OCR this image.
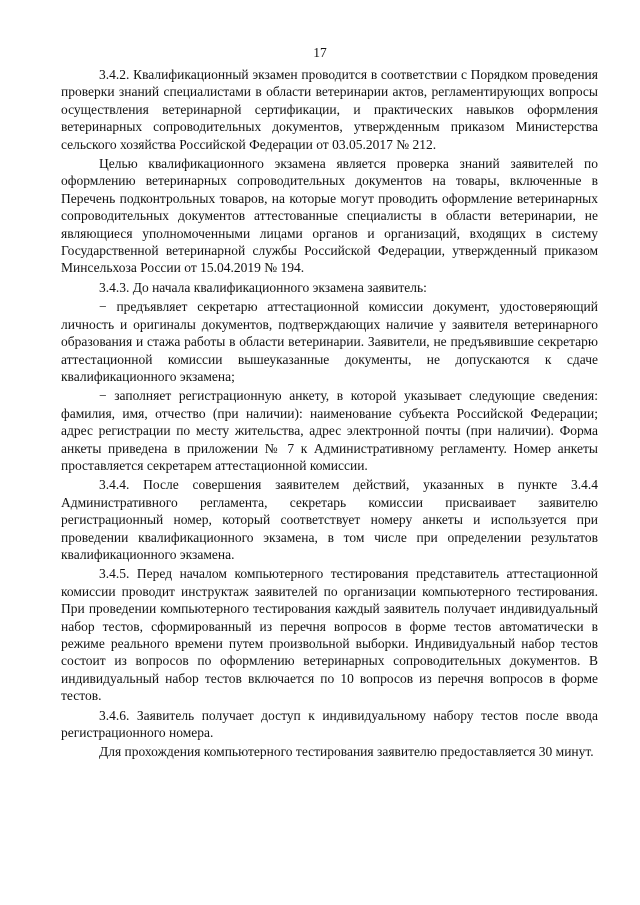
17

3.4.2. Квалификационный экзамен проводится в соответствии с Порядком проведения проверки знаний специалистами в области ветеринарии актов, регламентирующих вопросы осуществления ветеринарной сертификации, и практических навыков оформления ветеринарных сопроводительных документов, утвержденным приказом Министерства сельского хозяйства Российской Федерации от 03.05.2017 № 212.

Целью квалификационного экзамена является проверка знаний заявителей по оформлению ветеринарных сопроводительных документов на товары, включенные в Перечень подконтрольных товаров, на которые могут проводить оформление ветеринарных сопроводительных документов аттестованные специалисты в области ветеринарии, не являющиеся уполномоченными лицами органов и организаций, входящих в систему Государственной ветеринарной службы Российской Федерации, утвержденный приказом Минсельхоза России от 15.04.2019 № 194.

3.4.3. До начала квалификационного экзамена заявитель:

− предъявляет секретарю аттестационной комиссии документ, удостоверяющий личность и оригиналы документов, подтверждающих наличие у заявителя ветеринарного образования и стажа работы в области ветеринарии. Заявители, не предъявившие секретарю аттестационной комиссии вышеуказанные документы, не допускаются к сдаче квалификационного экзамена;

− заполняет регистрационную анкету, в которой указывает следующие сведения: фамилия, имя, отчество (при наличии): наименование субъекта Российской Федерации; адрес регистрации по месту жительства, адрес электронной почты (при наличии). Форма анкеты приведена в приложении № 7 к Административному регламенту. Номер анкеты проставляется секретарем аттестационной комиссии.

3.4.4. После совершения заявителем действий, указанных в пункте 3.4.4 Административного регламента, секретарь комиссии присваивает заявителю регистрационный номер, который соответствует номеру анкеты и используется при проведении квалификационного экзамена, в том числе при определении результатов квалификационного экзамена.

3.4.5. Перед началом компьютерного тестирования представитель аттестационной комиссии проводит инструктаж заявителей по организации компьютерного тестирования. При проведении компьютерного тестирования каждый заявитель получает индивидуальный набор тестов, сформированный из перечня вопросов в форме тестов автоматически в режиме реального времени путем произвольной выборки. Индивидуальный набор тестов состоит из вопросов по оформлению ветеринарных сопроводительных документов. В индивидуальный набор тестов включается по 10 вопросов из перечня вопросов в форме тестов.

3.4.6. Заявитель получает доступ к индивидуальному набору тестов после ввода регистрационного номера.

Для прохождения компьютерного тестирования заявителю предоставляется 30 минут.
